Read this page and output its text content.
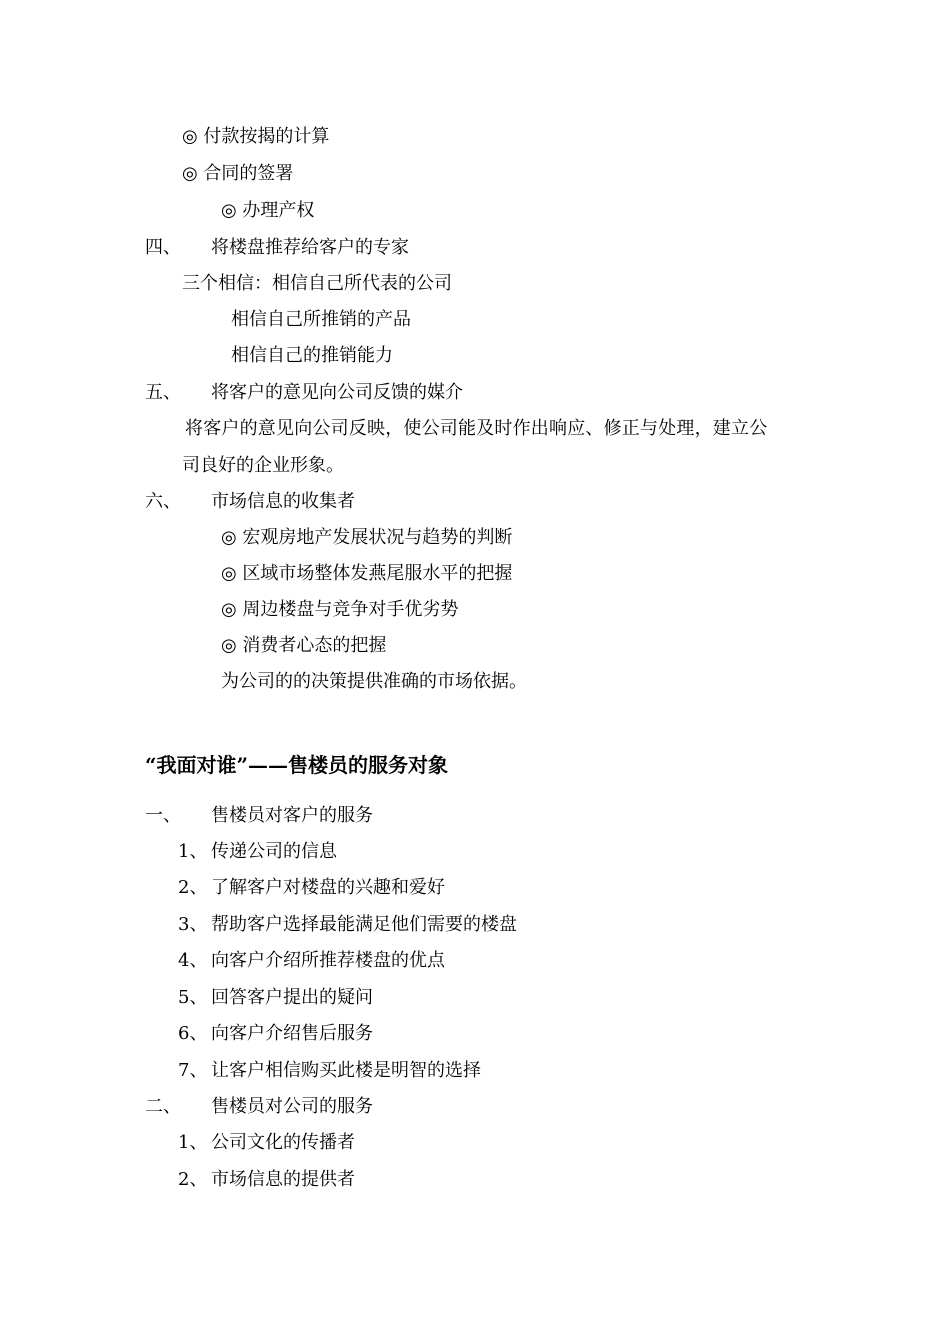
◎ 付款按揭的计算
◎ 合同的签署
◎ 办理产权
四、 将楼盘推荐给客户的专家
三个相信：相信自己所代表的公司
相信自己所推销的产品
相信自己的推销能力
五、 将客户的意见向公司反馈的媒介
将客户的意见向公司反映，使公司能及时作出响应、修正与处理，建立公
司良好的企业形象。
六、 市场信息的收集者
◎ 宏观房地产发展状况与趋势的判断
◎ 区域市场整体发燕尾服水平的把握
◎ 周边楼盘与竞争对手优劣势
◎ 消费者心态的把握
为公司的的决策提供准确的市场依据。
“我面对谁”——售楼员的服务对象
一、 售楼员对客户的服务
1、 传递公司的信息
2、 了解客户对楼盘的兴趣和爱好
3、 帮助客户选择最能满足他们需要的楼盘
4、 向客户介绍所推荐楼盘的优点
5、 回答客户提出的疑问
6、 向客户介绍售后服务
7、 让客户相信购买此楼是明智的选择
二、 售楼员对公司的服务
1、 公司文化的传播者
2、 市场信息的提供者
